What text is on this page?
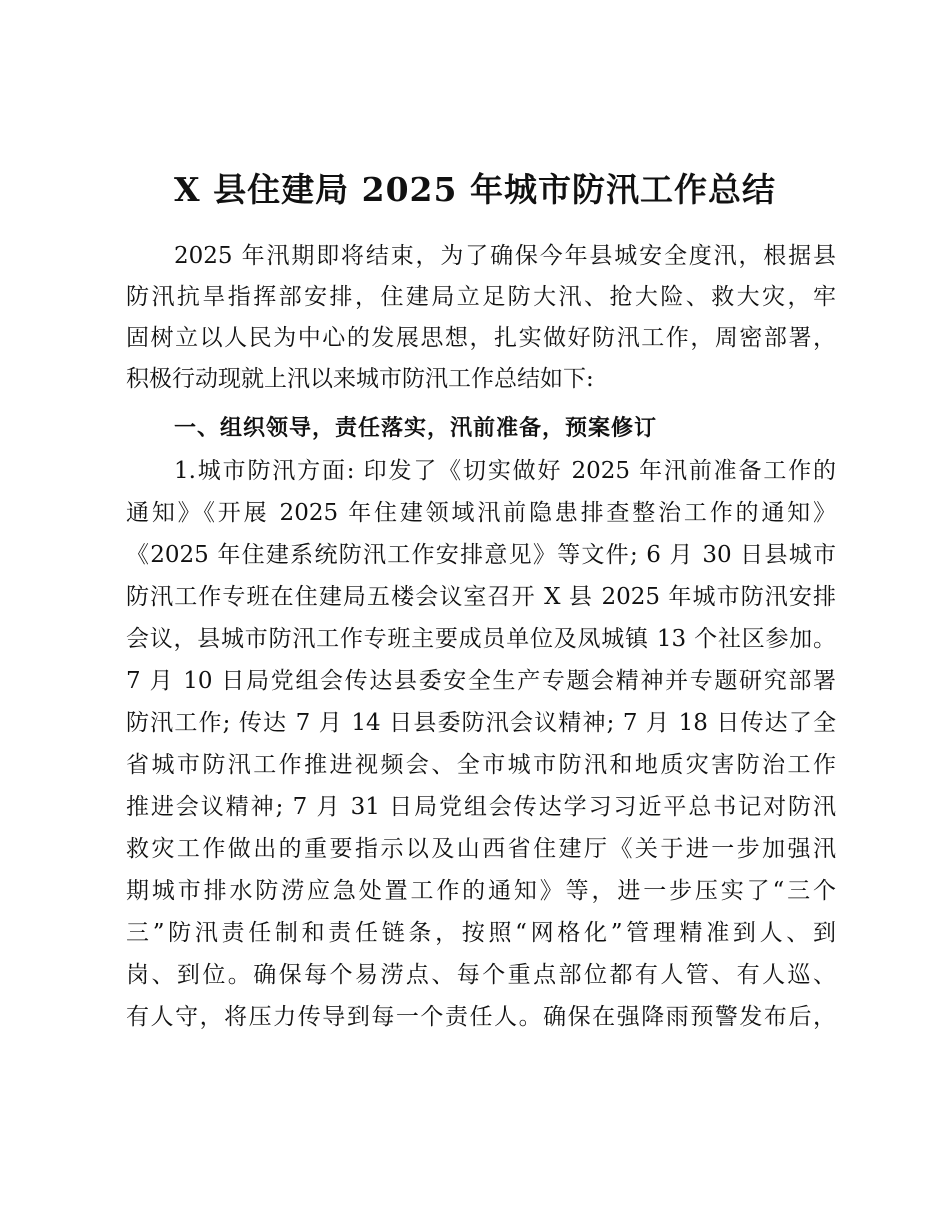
X 县住建局 2025 年城市防汛工作总结
2025 年汛期即将结束，为了确保今年县城安全度汛，根据县
防汛抗旱指挥部安排，住建局立足防大汛、抢大险、救大灾，牢
固树立以人民为中心的发展思想，扎实做好防汛工作，周密部署，
积极行动现就上汛以来城市防汛工作总结如下:
一、组织领导，责任落实，汛前准备，预案修订
1.城市防汛方面: 印发了《切实做好 2025 年汛前准备工作的
通知》《开展 2025 年住建领域汛前隐患排查整治工作的通知》
《2025 年住建系统防汛工作安排意见》等文件; 6 月 30 日县城市
防汛工作专班在住建局五楼会议室召开 X 县 2025 年城市防汛安排
会议，县城市防汛工作专班主要成员单位及凤城镇 13 个社区参加。
7 月 10 日局党组会传达县委安全生产专题会精神并专题研究部署
防汛工作; 传达 7 月 14 日县委防汛会议精神; 7 月 18 日传达了全
省城市防汛工作推进视频会、全市城市防汛和地质灾害防治工作
推进会议精神; 7 月 31 日局党组会传达学习习近平总书记对防汛
救灾工作做出的重要指示以及山西省住建厅《关于进一步加强汛
期城市排水防涝应急处置工作的通知》等，进一步压实了“三个
三”防汛责任制和责任链条，按照“网格化”管理精准到人、到
岗、到位。确保每个易涝点、每个重点部位都有人管、有人巡、
有人守，将压力传导到每一个责任人。确保在强降雨预警发布后，
